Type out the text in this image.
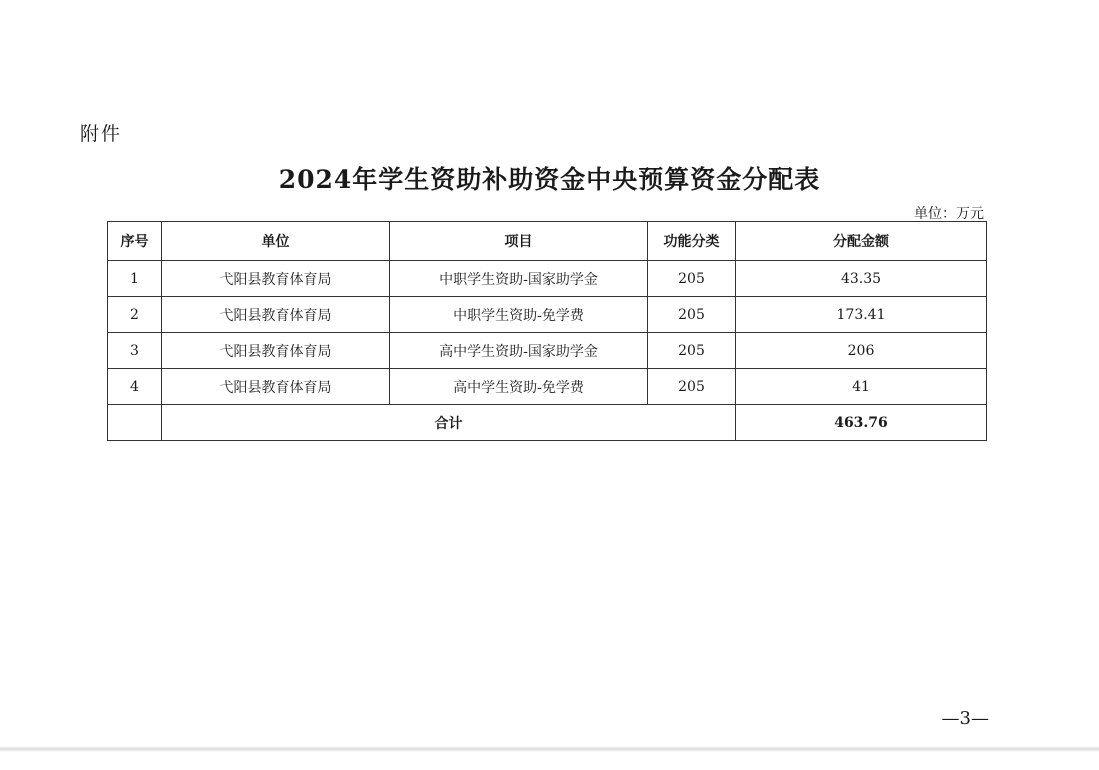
附件
2024年学生资助补助资金中央预算资金分配表
单位：万元
序号	单位	项目	功能分类	分配金额
1	弋阳县教育体育局	中职学生资助-国家助学金	205	43.35
2	弋阳县教育体育局	中职学生资助-免学费	205	173.41
3	弋阳县教育体育局	高中学生资助-国家助学金	205	206
4	弋阳县教育体育局	高中学生资助-免学费	205	41
	合计			463.76
—3—
